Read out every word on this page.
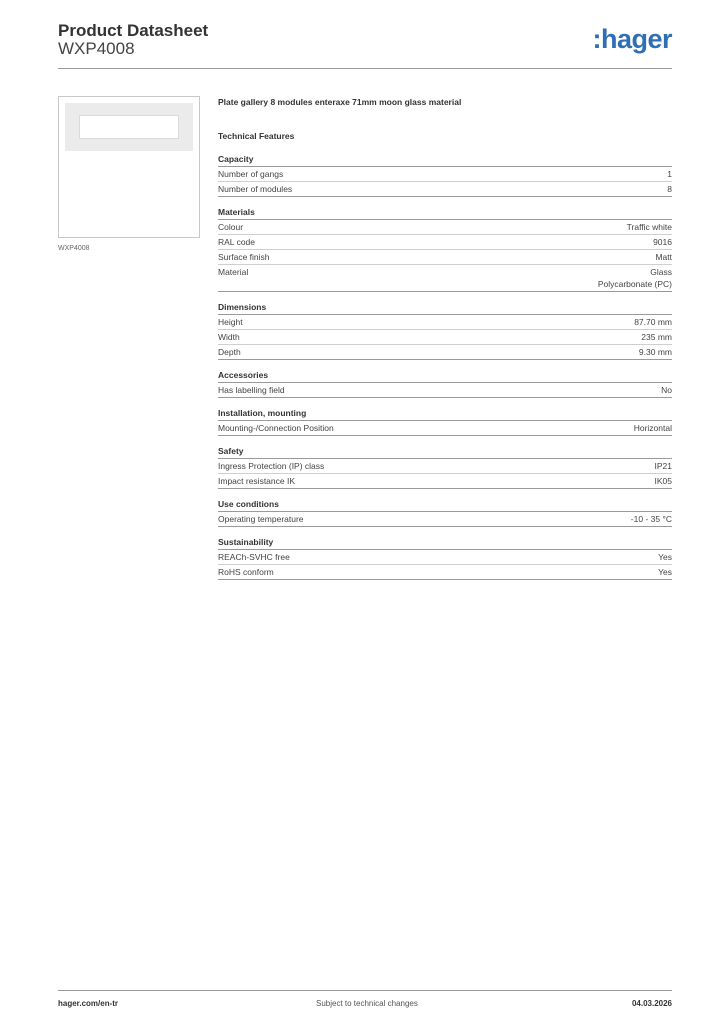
Product Datasheet
WXP4008	:hager
WXP4008
Plate gallery 8 modules enteraxe 71mm moon glass material
Technical Features
Capacity
Number of gangs	1
Number of modules	8
Materials
Colour	Traffic white
RAL code	9016
Surface finish	Matt
Material	Glass
Polycarbonate (PC)
Dimensions
Height	87.70 mm
Width	235 mm
Depth	9.30 mm
Accessories
Has labelling field	No
Installation, mounting
Mounting-/Connection Position	Horizontal
Safety
Ingress Protection (IP) class	IP21
Impact resistance IK	IK05
Use conditions
Operating temperature	-10 - 35 °C
Sustainability
REACh-SVHC free	Yes
RoHS conform	Yes
hager.com/en-tr	Subject to technical changes	04.03.2026
